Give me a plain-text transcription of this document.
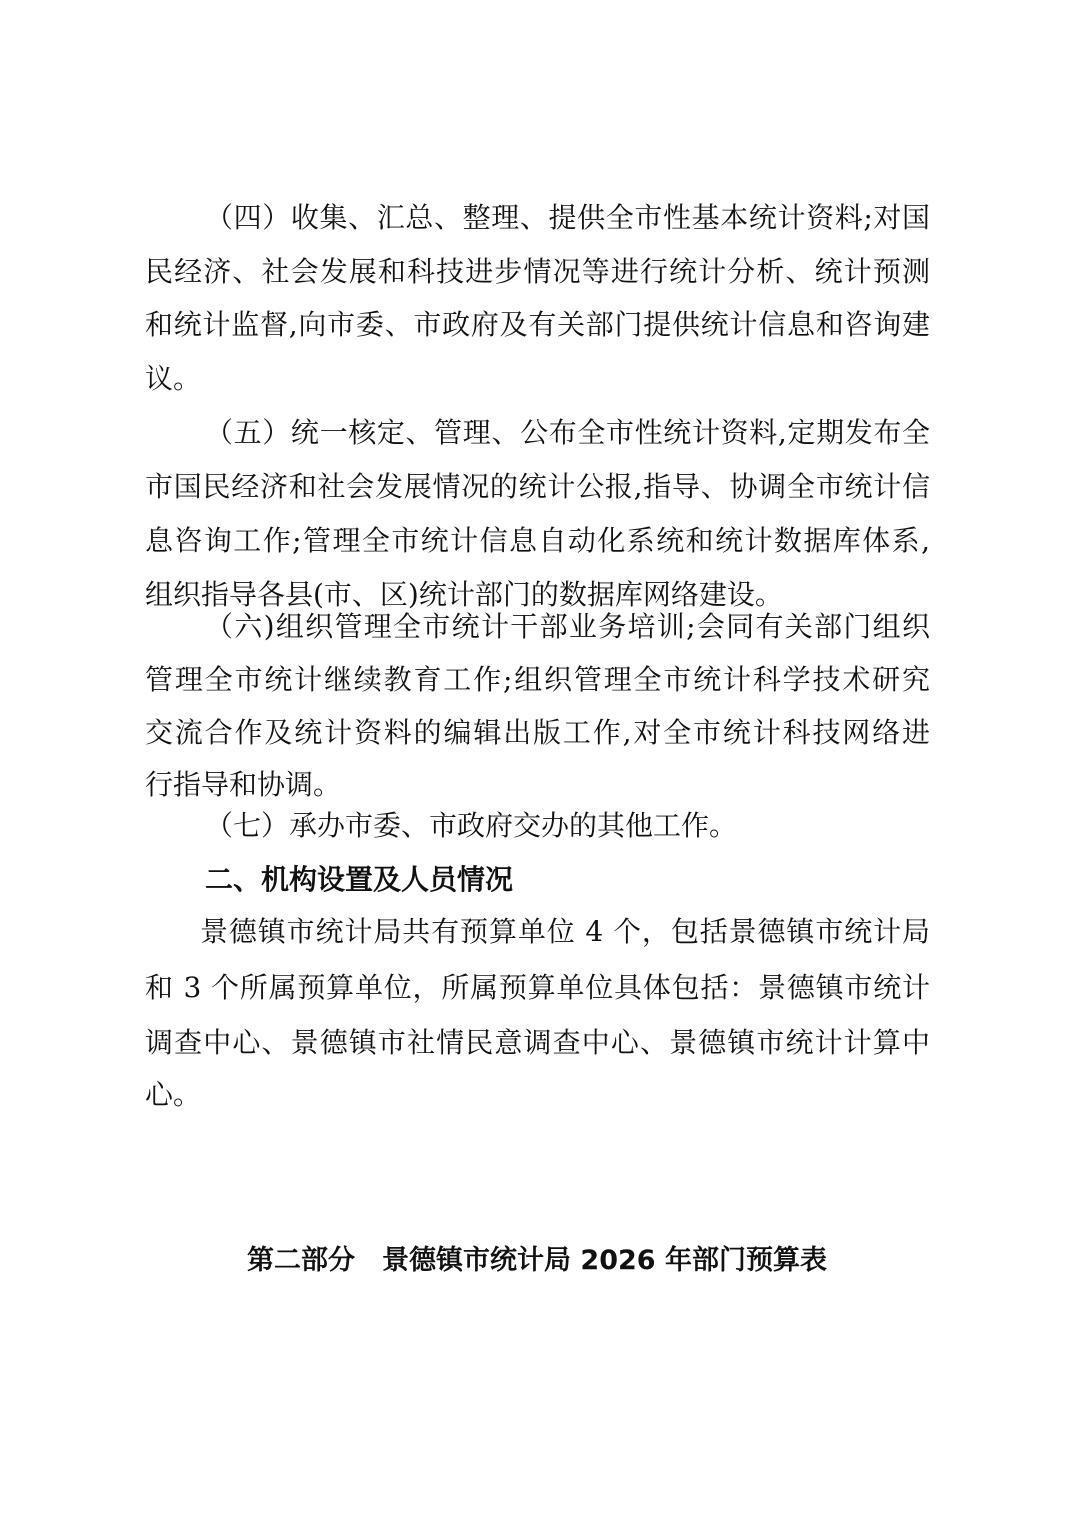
（四）收集、汇总、整理、提供全市性基本统计资料;对国
民经济、社会发展和科技进步情况等进行统计分析、统计预测
和统计监督,向市委、市政府及有关部门提供统计信息和咨询建
议。
（五）统一核定、管理、公布全市性统计资料,定期发布全
市国民经济和社会发展情况的统计公报,指导、协调全市统计信
息咨询工作;管理全市统计信息自动化系统和统计数据库体系,
组织指导各县(市、区)统计部门的数据库网络建设。
（六)组织管理全市统计干部业务培训;会同有关部门组织
管理全市统计继续教育工作;组织管理全市统计科学技术研究
交流合作及统计资料的编辑出版工作,对全市统计科技网络进
行指导和协调。
（七）承办市委、市政府交办的其他工作。
二、机构设置及人员情况
景德镇市统计局共有预算单位 4 个，包括景德镇市统计局
和 3 个所属预算单位，所属预算单位具体包括：景德镇市统计
调查中心、景德镇市社情民意调查中心、景德镇市统计计算中
心。
第二部分　景德镇市统计局 2026 年部门预算表
